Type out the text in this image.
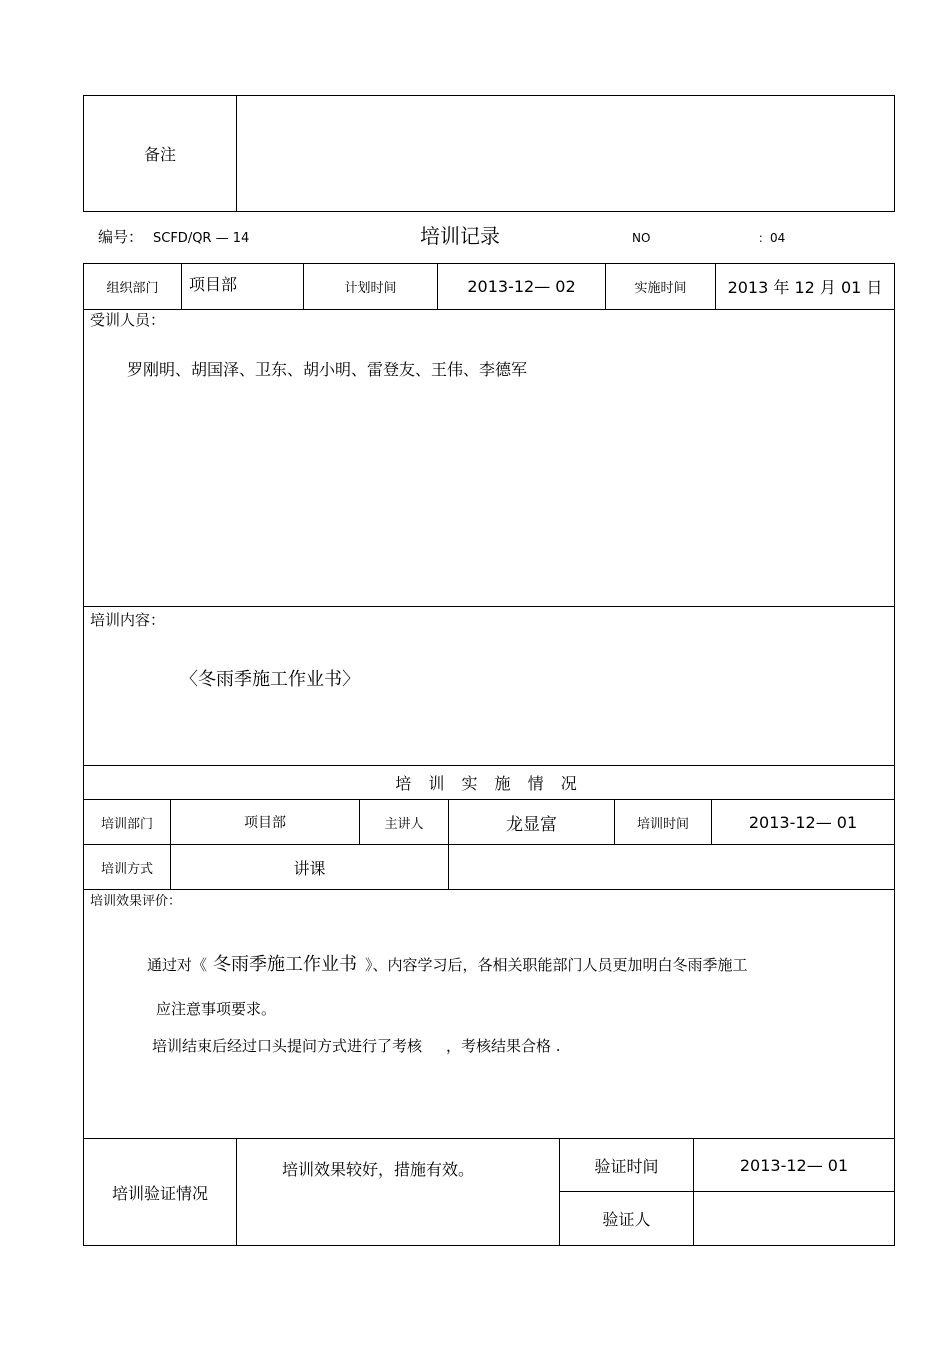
备注
编号： SCFD/QR — 14	培训记录	NO	：04
组织部门	项目部	计划时间	2013-12— 02	实施时间	2013 年 12 月 01 日
受训人员：
罗刚明、胡国泽、卫东、胡小明、雷登友、王伟、李德军
培训内容：
〈冬雨季施工作业书〉
培 训 实 施 情 况
培训部门	项目部	主讲人	龙显富	培训时间	2013-12— 01
培训方式	讲课
培训效果评价：
通过对《 冬雨季施工作业书 》、内容学习后，各相关职能部门人员更加明白冬雨季施工
应注意事项要求。
培训结束后经过口头提问方式进行了考核 ，考核结果合格 .
培训验证情况
培训效果较好，措施有效。	验证时间	2013-12— 01
验证人
